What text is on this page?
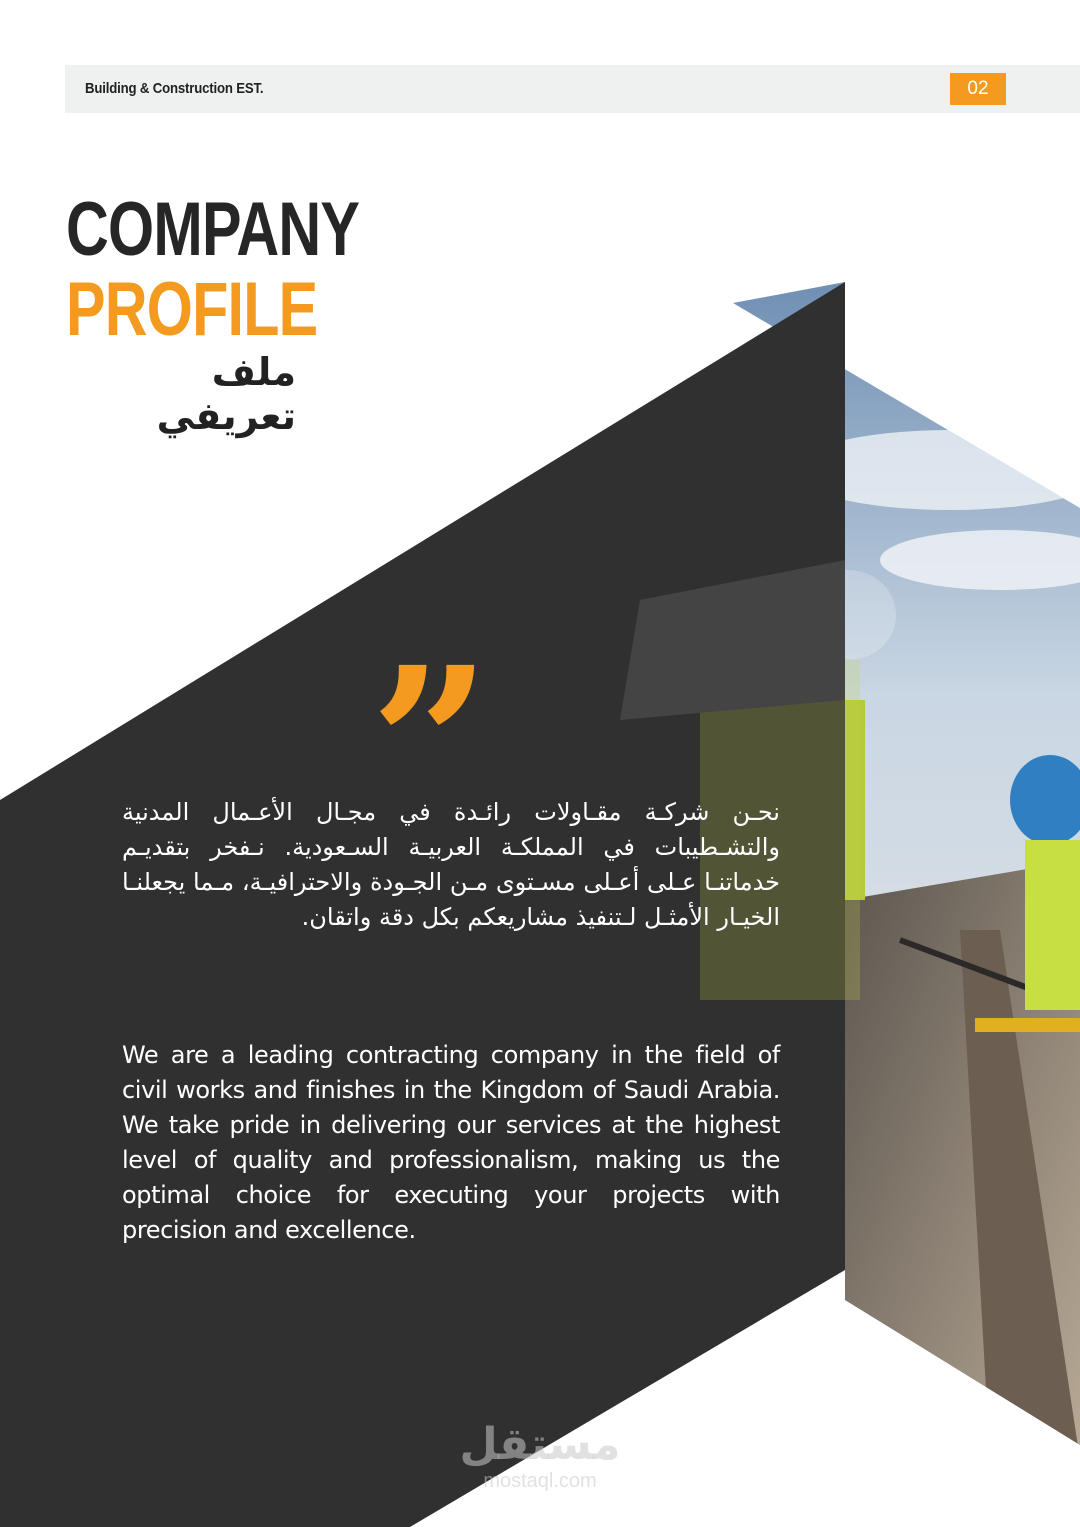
Building & Construction EST.	02
COMPANY
PROFILE
ملف تعريفي
”
نحـن شركـة مقـاولات رائـدة في مجـال الأعـمال المدنية والتشـطيبات في المملكـة العربيـة السـعودية. نـفخر بتقديـم خدماتنـا عـلى أعـلى مسـتوى مـن الجـودة والاحترافيـة، مـما يجعلنـا الخيـار الأمثـل لـتنفيذ مشاريعكم بكل دقة واتقان.
We are a leading contracting company in the field of civil works and finishes in the Kingdom of Saudi Arabia. We take pride in delivering our services at the highest level of quality and professionalism, making us the optimal choice for executing your projects with precision and excellence.
مستقل
mostaql.com
